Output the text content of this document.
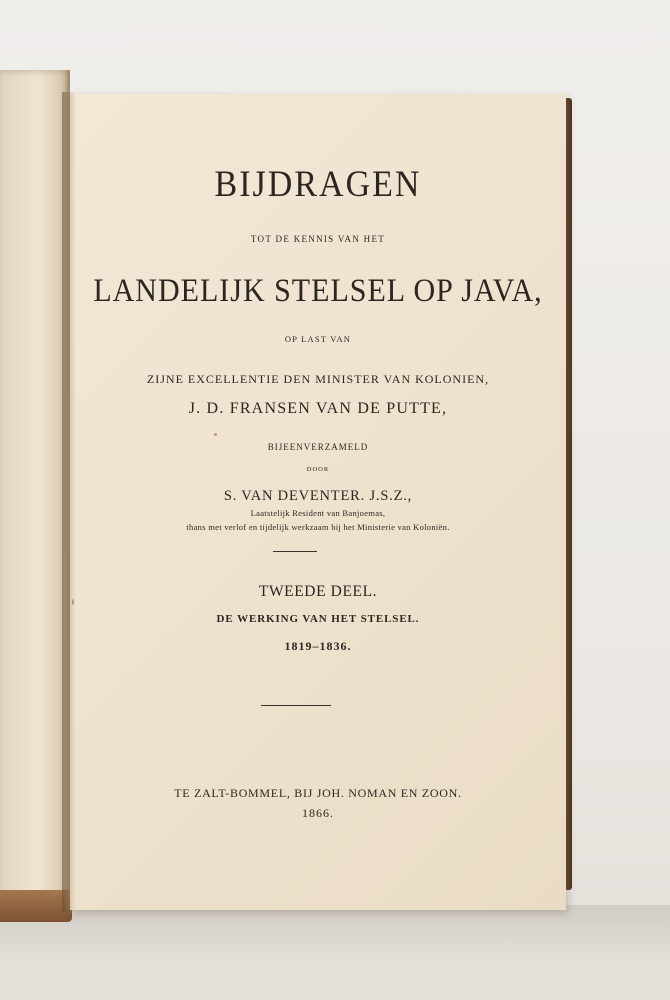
BIJDRAGEN
TOT DE KENNIS VAN HET
LANDELIJK STELSEL OP JAVA,
OP LAST VAN
ZIJNE EXCELLENTIE DEN MINISTER VAN KOLONIEN,
J. D. FRANSEN VAN DE PUTTE,
BIJEENVERZAMELD
DOOR
S. VAN DEVENTER. J.S.Z.,
Laatstelijk Resident van Banjoemas,
thans met verlof en tijdelijk werkzaam bij het Ministerie van Koloniën.
TWEEDE DEEL.
DE WERKING VAN HET STELSEL.
1819–1836.
TE ZALT-BOMMEL, BIJ JOH. NOMAN EN ZOON.
1866.
